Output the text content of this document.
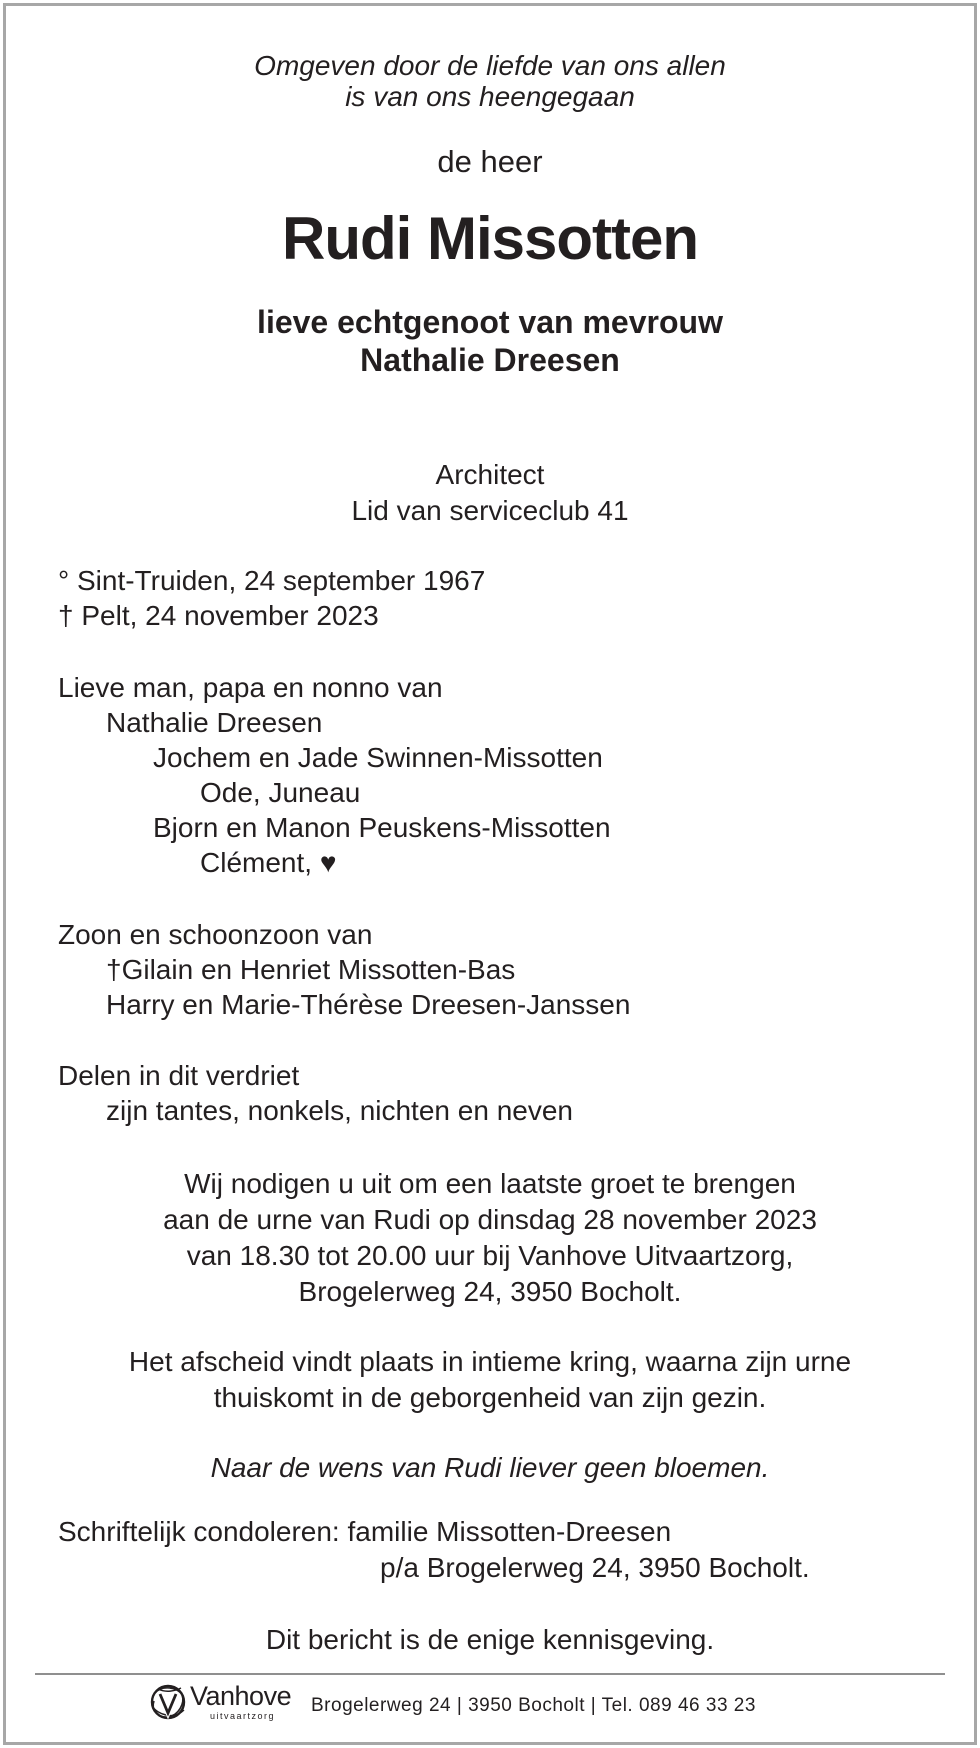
Omgeven door de liefde van ons allen
is van ons heengegaan
de heer
Rudi Missotten
lieve echtgenoot van mevrouw
Nathalie Dreesen
Architect
Lid van serviceclub 41
° Sint-Truiden, 24 september 1967
† Pelt, 24 november 2023
Lieve man, papa en nonno van
Nathalie Dreesen
Jochem en Jade Swinnen-Missotten
Ode, Juneau
Bjorn en Manon Peuskens-Missotten
Clément, ♥
Zoon en schoonzoon van
†Gilain en Henriet Missotten-Bas
Harry en Marie-Thérèse Dreesen-Janssen
Delen in dit verdriet
zijn tantes, nonkels, nichten en neven
Wij nodigen u uit om een laatste groet te brengen
aan de urne van Rudi op dinsdag 28 november 2023
van 18.30 tot 20.00 uur bij Vanhove Uitvaartzorg,
Brogelerweg 24, 3950 Bocholt.
Het afscheid vindt plaats in intieme kring, waarna zijn urne
thuiskomt in de geborgenheid van zijn gezin.
Naar de wens van Rudi liever geen bloemen.
Schriftelijk condoleren: familie Missotten-Dreesen
p/a Brogelerweg 24, 3950 Bocholt.
Dit bericht is de enige kennisgeving.
Vanhove
uitvaartzorg Brogelerweg 24 | 3950 Bocholt | Tel. 089 46 33 23
